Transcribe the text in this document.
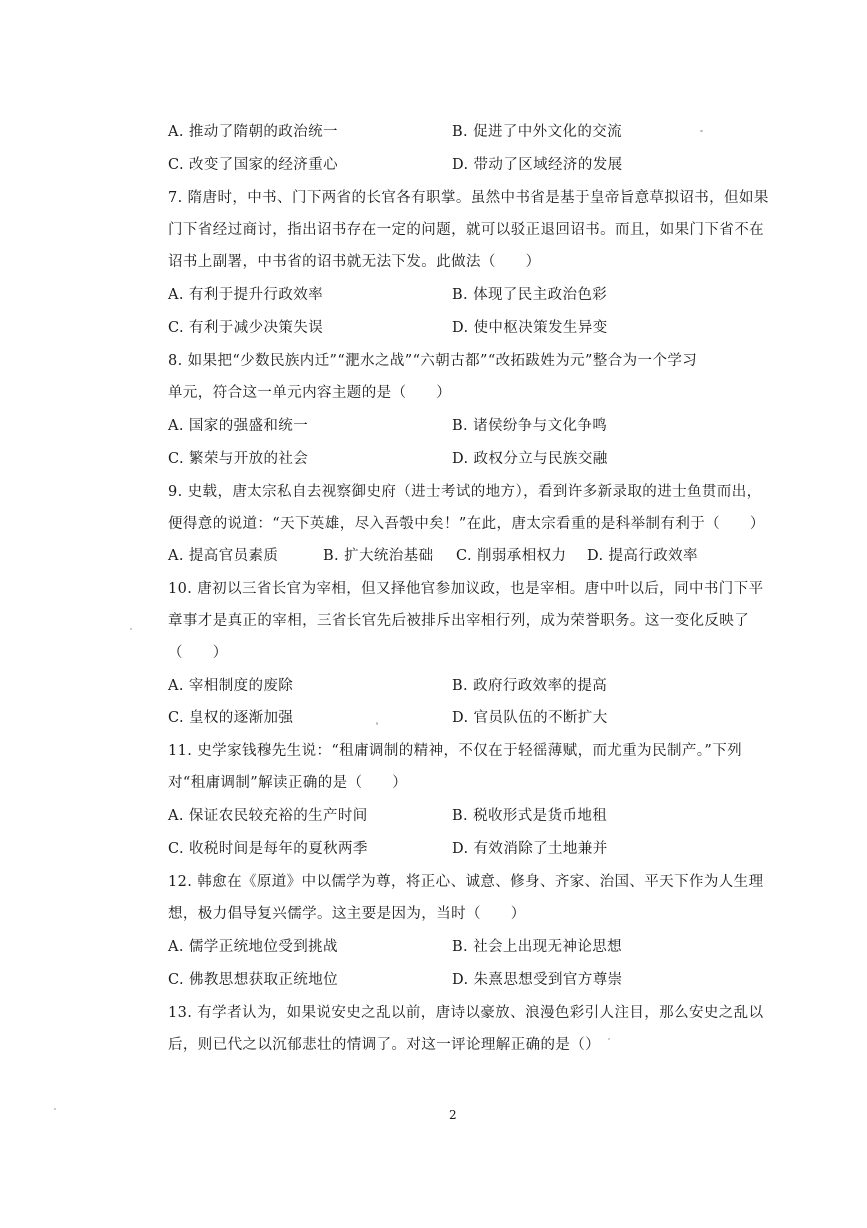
A. 推动了隋朝的政治统一	B. 促进了中外文化的交流
C. 改变了国家的经济重心	D. 带动了区域经济的发展
7. 隋唐时，中书、门下两省的长官各有职掌。虽然中书省是基于皇帝旨意草拟诏书，但如果
门下省经过商讨，指出诏书存在一定的问题，就可以驳正退回诏书。而且，如果门下省不在
诏书上副署，中书省的诏书就无法下发。此做法（　　）
A. 有利于提升行政效率	B. 体现了民主政治色彩
C. 有利于减少决策失误	D. 使中枢决策发生异变
8. 如果把“少数民族内迁”“淝水之战”“六朝古都”“改拓跋姓为元”整合为一个学习
单元，符合这一单元内容主题的是（　　）
A. 国家的强盛和统一	B. 诸侯纷争与文化争鸣
C. 繁荣与开放的社会	D. 政权分立与民族交融
9. 史载，唐太宗私自去视察御史府（进士考试的地方），看到许多新录取的进士鱼贯而出，
便得意的说道：“天下英雄，尽入吾彀中矣！”在此，唐太宗看重的是科举制有利于（　　）
A. 提高官员素质	B. 扩大统治基础 C. 削弱承相权力 D. 提高行政效率
10. 唐初以三省长官为宰相，但又择他官参加议政，也是宰相。唐中叶以后，同中书门下平
章事才是真正的宰相，三省长官先后被排斥出宰相行列，成为荣誉职务。这一变化反映了
（　　）
A. 宰相制度的废除	B. 政府行政效率的提高
C. 皇权的逐渐加强	D. 官员队伍的不断扩大
11. 史学家钱穆先生说：“租庸调制的精神，不仅在于轻徭薄赋，而尤重为民制产。”下列
对“租庸调制”解读正确的是（　　）
A. 保证农民较充裕的生产时间	B. 税收形式是货币地租
C. 收税时间是每年的夏秋两季	D. 有效消除了土地兼并
12. 韩愈在《原道》中以儒学为尊，将正心、诚意、修身、齐家、治国、平天下作为人生理
想，极力倡导复兴儒学。这主要是因为，当时（　　）
A. 儒学正统地位受到挑战	B. 社会上出现无神论思想
C. 佛教思想获取正统地位	D. 朱熹思想受到官方尊崇
13. 有学者认为，如果说安史之乱以前，唐诗以豪放、浪漫色彩引人注目，那么安史之乱以
后，则已代之以沉郁悲壮的情调了。对这一评论理解正确的是（）
2
